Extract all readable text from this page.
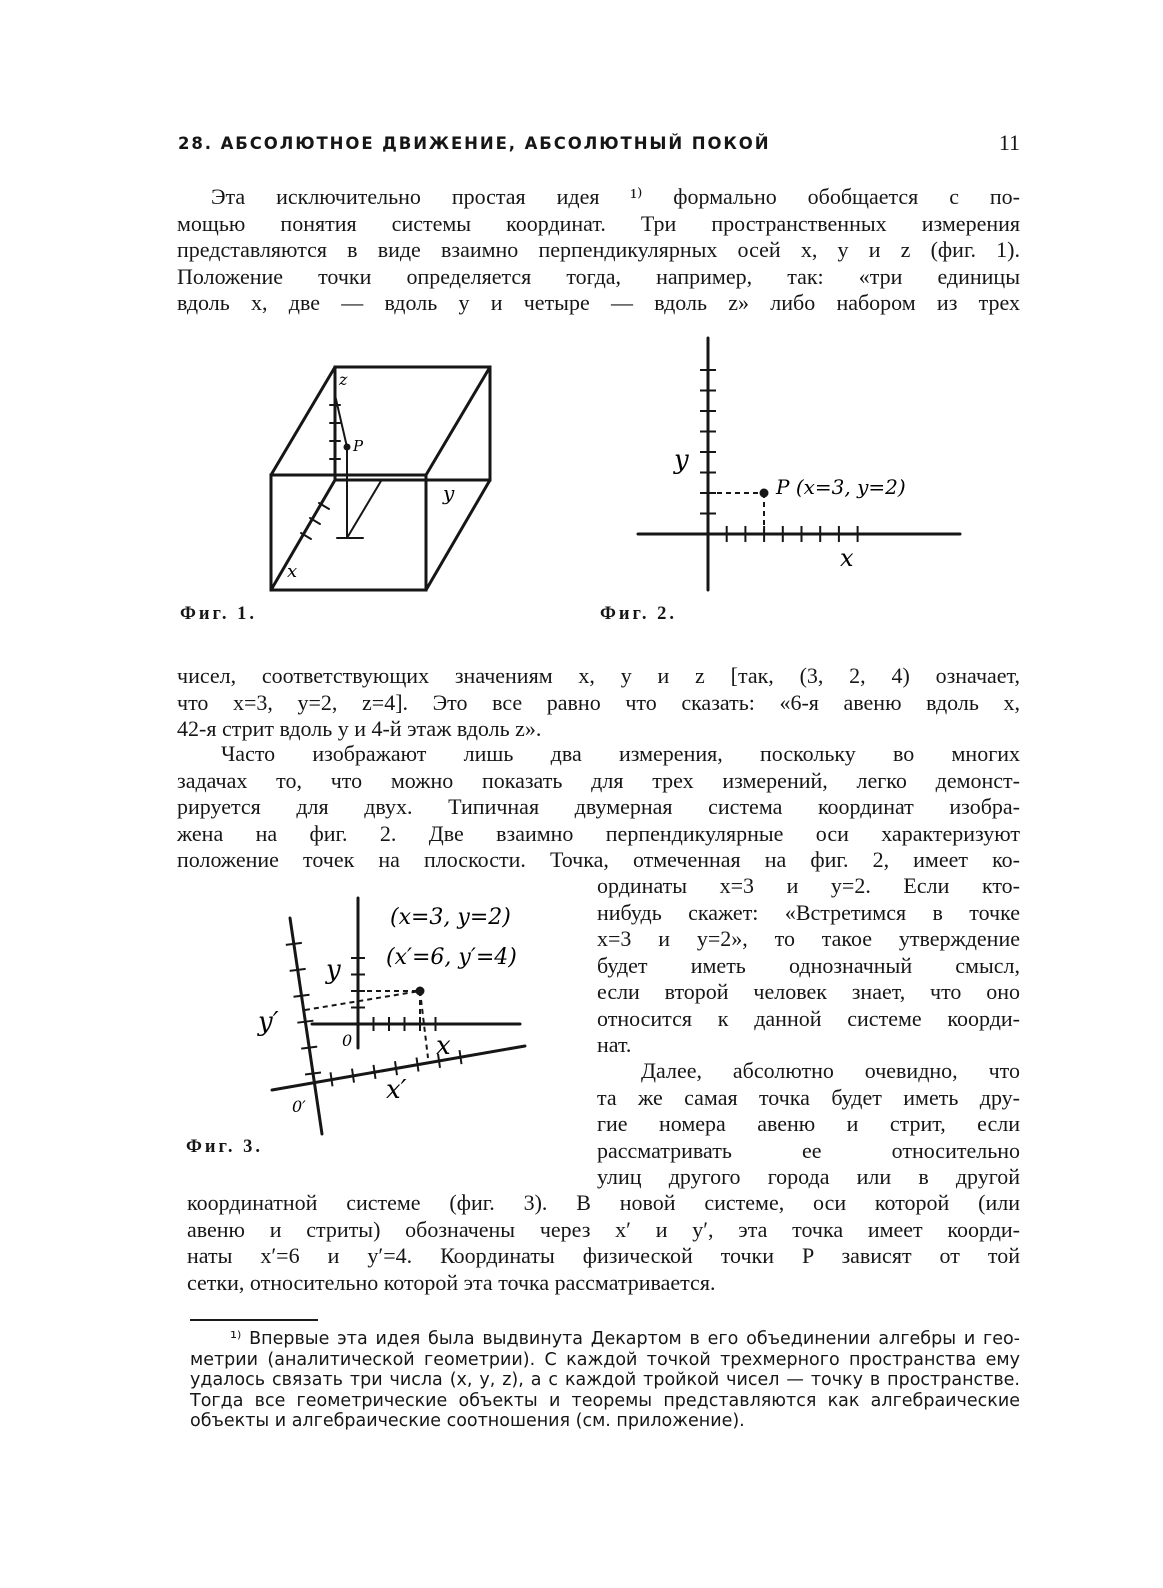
28. АБСОЛЮТНОЕ ДВИЖЕНИЕ, АБСОЛЮТНЫЙ ПОКОЙ	11
Эта исключительно простая идея ¹⁾ формально обобщается с по-
мощью понятия системы координат. Три пространственных измерения
представляются в виде взаимно перпендикулярных осей x, y и z (фиг. 1).
Положение точки определяется тогда, например, так: «три единицы
вдоль x, две — вдоль y и четыре — вдоль z» либо набором из трех
z
P
y
x
Фиг. 1.
y
x
P (x=3, y=2)
Фиг. 2.
чисел, соответствующих значениям x, y и z [так, (3, 2, 4) означает,
что x=3, y=2, z=4]. Это все равно что сказать: «6-я авеню вдоль x,
42-я стрит вдоль y и 4-й этаж вдоль z».
Часто изображают лишь два измерения, поскольку во многих
задачах то, что можно показать для трех измерений, легко демонст-
рируется для двух. Типичная двумерная система координат изобра-
жена на фиг. 2. Две взаимно перпендикулярные оси характеризуют
положение точек на плоскости. Точка, отмеченная на фиг. 2, имеет ко-
ординаты x=3 и y=2. Если кто-
нибудь скажет: «Встретимся в точке
x=3 и y=2», то такое утверждение
будет иметь однозначный смысл,
если второй человек знает, что оно
относится к данной системе коорди-
нат.
Далее, абсолютно очевидно, что
та же самая точка будет иметь дру-
гие номера авеню и стрит, если
рассматривать ее относительно
улиц другого города или в другой
(x=3, y=2)
(x′=6, y′=4)
y
y′
0	x
0′
x′
Фиг. 3.
координатной системе (фиг. 3). В новой системе, оси которой (или
авеню и стриты) обозначены через x′ и y′, эта точка имеет коорди-
наты x′=6 и y′=4. Координаты физической точки P зависят от той
сетки, относительно которой эта точка рассматривается.
¹⁾ Впервые эта идея была выдвинута Декартом в его объединении алгебры и гео-
метрии (аналитической геометрии). С каждой точкой трехмерного пространства ему
удалось связать три числа (x, y, z), а с каждой тройкой чисел — точку в пространстве.
Тогда все геометрические объекты и теоремы представляются как алгебраические
объекты и алгебраические соотношения (см. приложение).
